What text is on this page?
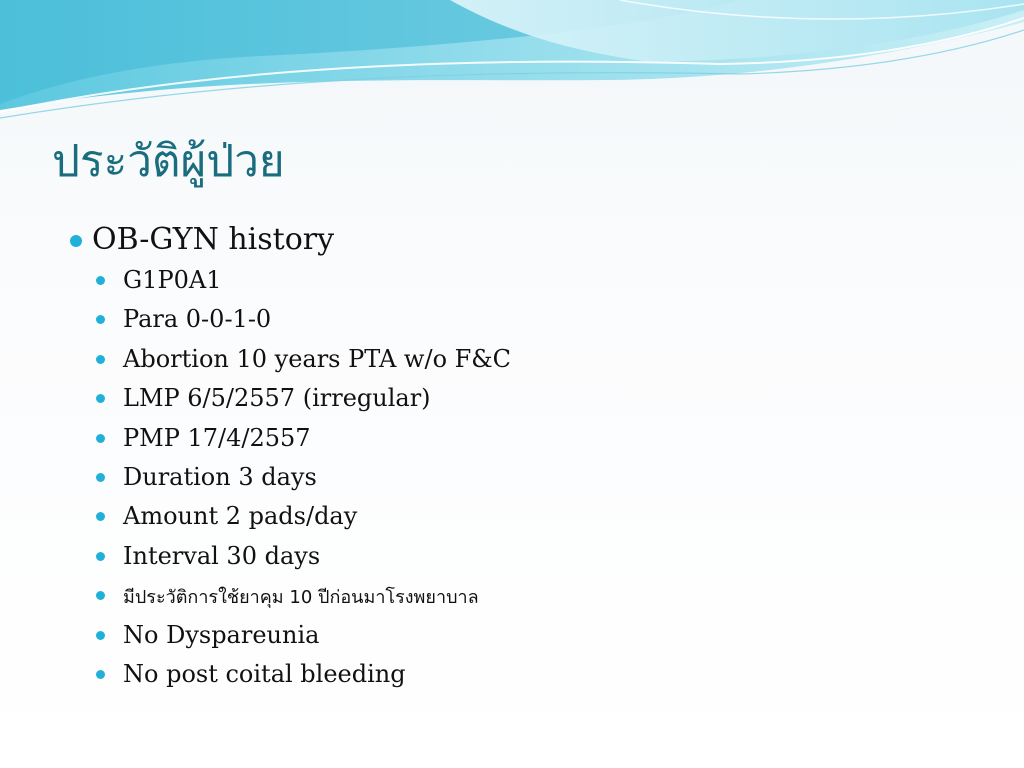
ประวัติผู้ป่วย
OB-GYN history
G1P0A1
Para 0-0-1-0
Abortion 10 years PTA w/o F&C
LMP 6/5/2557 (irregular)
PMP 17/4/2557
Duration 3 days
Amount 2 pads/day
Interval 30 days
มีประวัติการใช้ยาคุม 10 ปีก่อนมาโรงพยาบาล
No Dyspareunia
No post coital bleeding
